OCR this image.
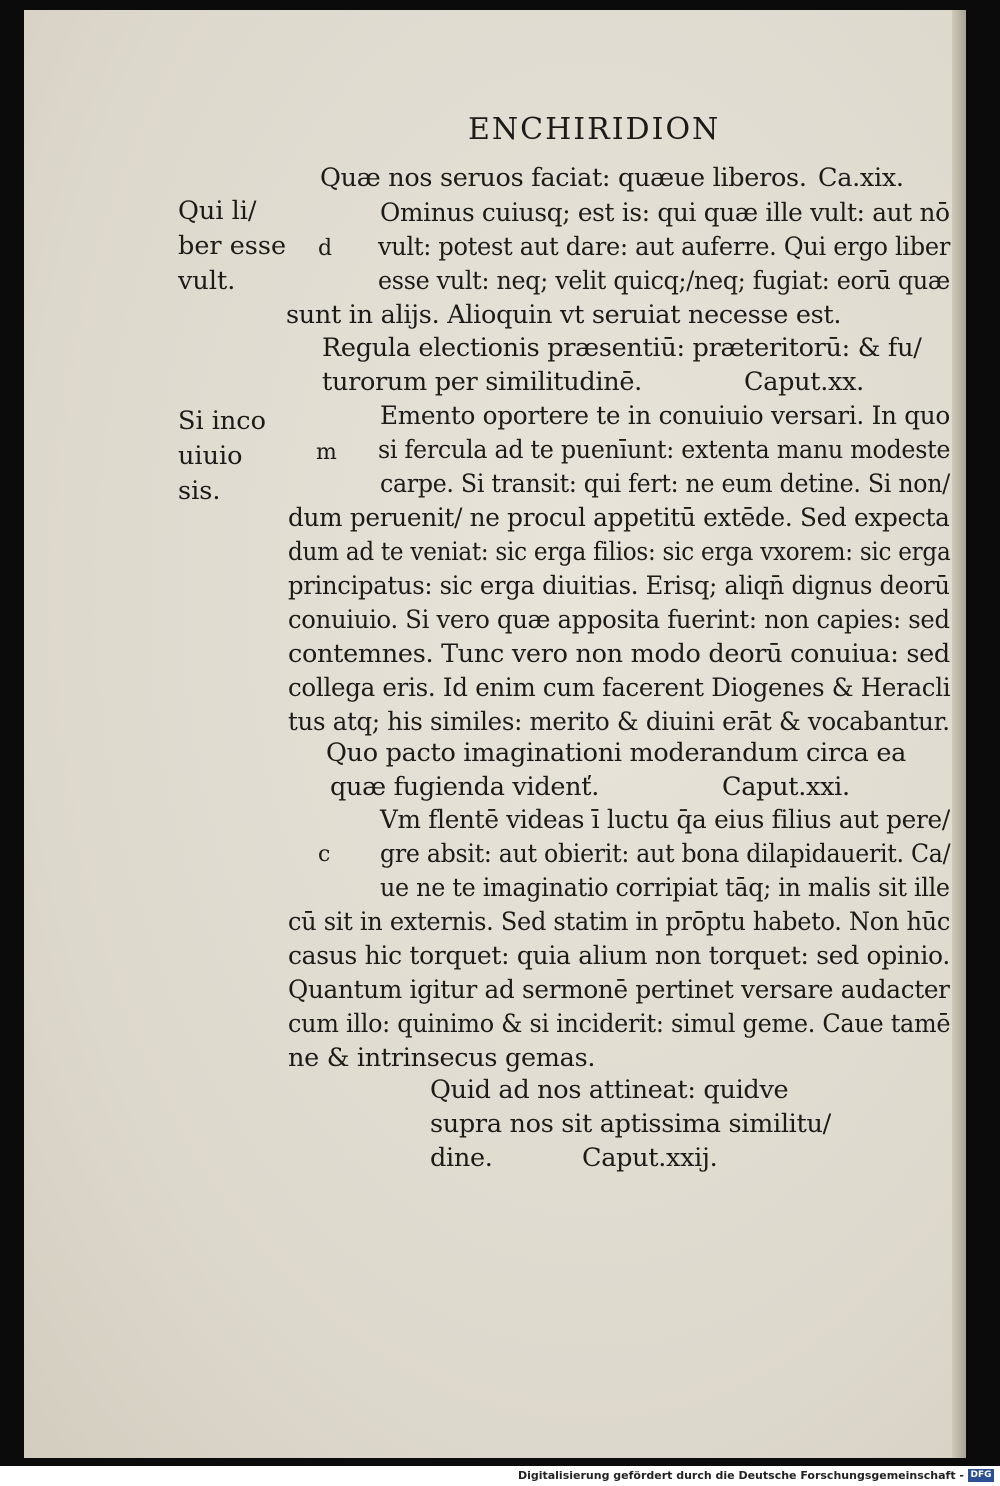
ENCHIRIDION
Quæ nos seruos faciat: quæue liberos. Ca.xix.
Qui li/
ber esse
vult.
d
Ominus cuiusq; est is: qui quæ ille vult: aut nō
vult: potest aut dare: aut auferre. Qui ergo liber
esse vult: neq; velit quicq;/neq; fugiat: eorū quæ
sunt in alijs. Alioquin vt seruiat necesse est.
Regula electionis præsentiū: præteritorū: & fu/
turorum per similitudinē.	Caput.xx.
Si inco
uiuio
sis.
m
Emento oportere te in conuiuio versari. In quo
si fercula ad te puenīunt: extenta manu modeste
carpe. Si transit: qui fert: ne eum detine. Si non/
dum peruenit/ ne procul appetitū extēde. Sed expecta
dum ad te veniat: sic erga filios: sic erga vxorem: sic erga
principatus: sic erga diuitias. Erisq; aliqn̄ dignus deorū
conuiuio. Si vero quæ apposita fuerint: non capies: sed
contemnes. Tunc vero non modo deorū conuiua: sed
collega eris. Id enim cum facerent Diogenes & Heracli
tus atq; his similes: merito & diuini erāt & vocabantur.
Quo pacto imaginationi moderandum circa ea
quæ fugienda videnť.	Caput.xxi.
c
Vm flentē videas ī luctu q̄a eius filius aut pere/
gre absit: aut obierit: aut bona dilapidauerit. Ca/
ue ne te imaginatio corripiat tāq; in malis sit ille
cū sit in externis. Sed statim in prōptu habeto. Non hūc
casus hic torquet: quia alium non torquet: sed opinio.
Quantum igitur ad sermonē pertinet versare audacter
cum illo: quinimo & si inciderit: simul geme. Caue tamē
ne & intrinsecus gemas.
Quid ad nos attineat: quidve
supra nos sit aptissima similitu/
dine.	Caput.xxij.
Digitalisierung gefördert durch die Deutsche Forschungsgemeinschaft - DFG
